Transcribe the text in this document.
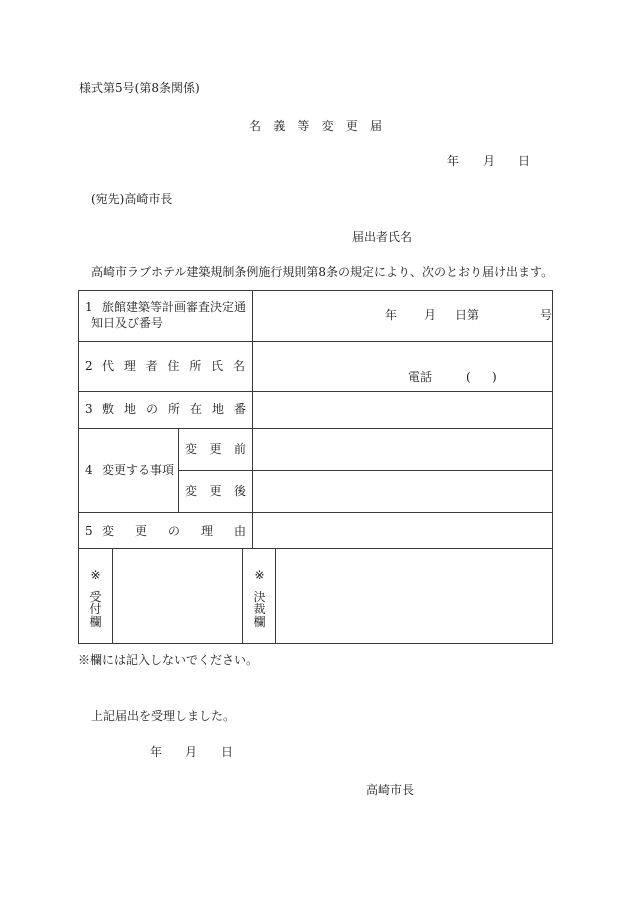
様式第5号(第8条関係)
名 義 等 変 更 届
年 月 日
(宛先)高崎市長
届出者氏名
高崎市ラブホテル建築規制条例施行規則第8条の規定により、次のとおり届け出ます。
1 旅館建築等計画審査決定通
知日及び番号
年 月 日第	号
2 代 理 者 住 所 氏 名
電話	( )
3 敷 地 の 所 在 地 番
4 変更する事項
変 更 前
変 更 後
5 変 更 の 理 由
※
受
付
欄
※
決
裁
欄
※欄には記入しないでください。
上記届出を受理しました。
年 月 日
高崎市長
